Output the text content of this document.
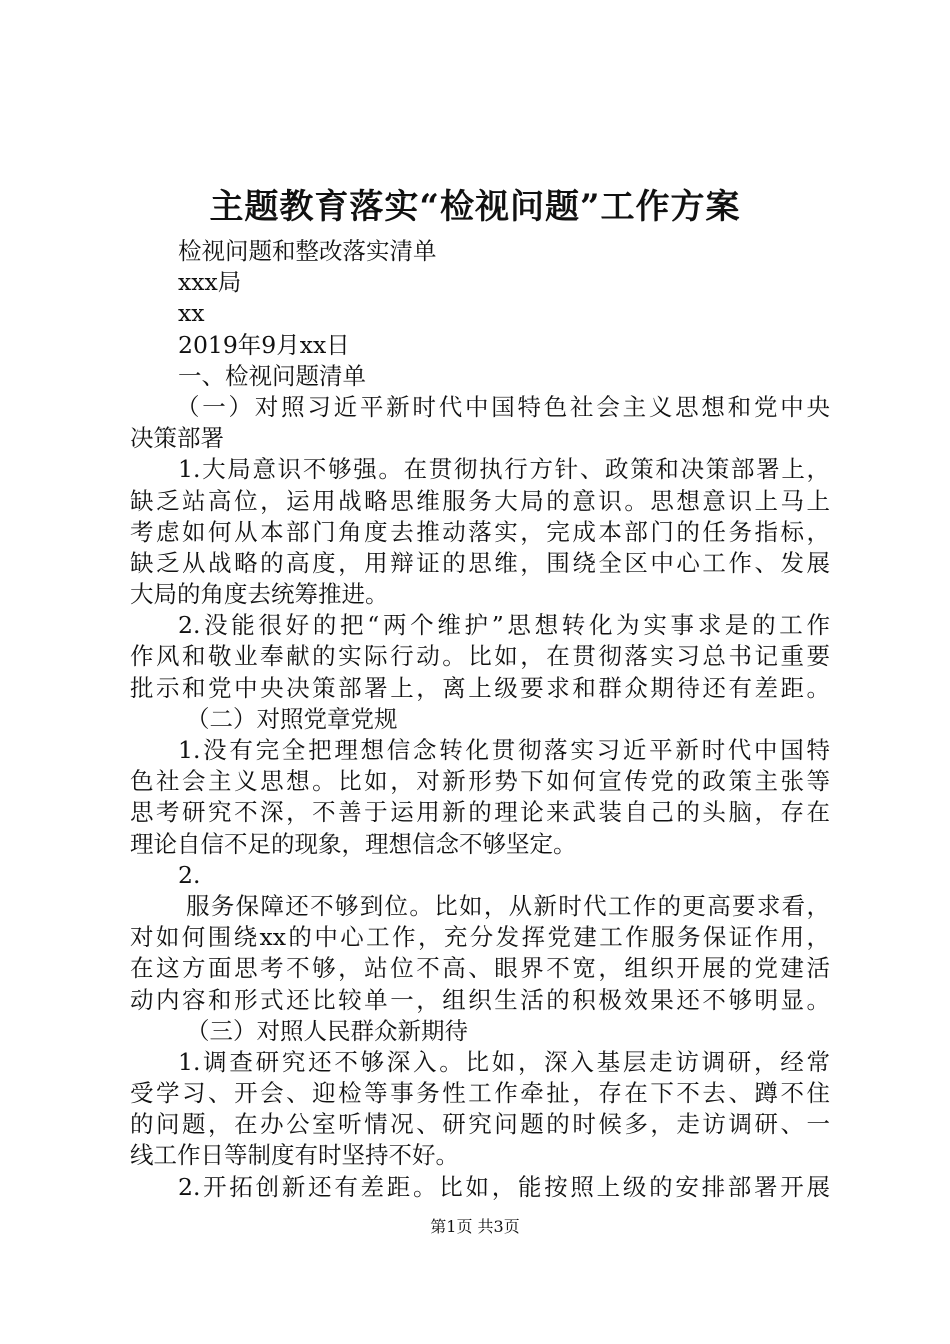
主题教育落实“检视问题”工作方案
检视问题和整改落实清单
xxx局
xx
2019年9月xx日
一、检视问题清单
（一）对照习近平新时代中国特色社会主义思想和党中央
决策部署
1.大局意识不够强。在贯彻执行方针、政策和决策部署上，
缺乏站高位，运用战略思维服务大局的意识。思想意识上马上
考虑如何从本部门角度去推动落实，完成本部门的任务指标，
缺乏从战略的高度，用辩证的思维，围绕全区中心工作、发展
大局的角度去统筹推进。
2.没能很好的把“两个维护”思想转化为实事求是的工作
作风和敬业奉献的实际行动。比如，在贯彻落实习总书记重要
批示和党中央决策部署上，离上级要求和群众期待还有差距。
（二）对照党章党规
1.没有完全把理想信念转化贯彻落实习近平新时代中国特
色社会主义思想。比如，对新形势下如何宣传党的政策主张等
思考研究不深，不善于运用新的理论来武装自己的头脑，存在
理论自信不足的现象，理想信念不够坚定。
2.
服务保障还不够到位。比如，从新时代工作的更高要求看，
对如何围绕xx的中心工作，充分发挥党建工作服务保证作用，
在这方面思考不够，站位不高、眼界不宽，组织开展的党建活
动内容和形式还比较单一，组织生活的积极效果还不够明显。
（三）对照人民群众新期待
1.调查研究还不够深入。比如，深入基层走访调研，经常
受学习、开会、迎检等事务性工作牵扯，存在下不去、蹲不住
的问题，在办公室听情况、研究问题的时候多，走访调研、一
线工作日等制度有时坚持不好。
2.开拓创新还有差距。比如，能按照上级的安排部署开展
第1页 共3页
